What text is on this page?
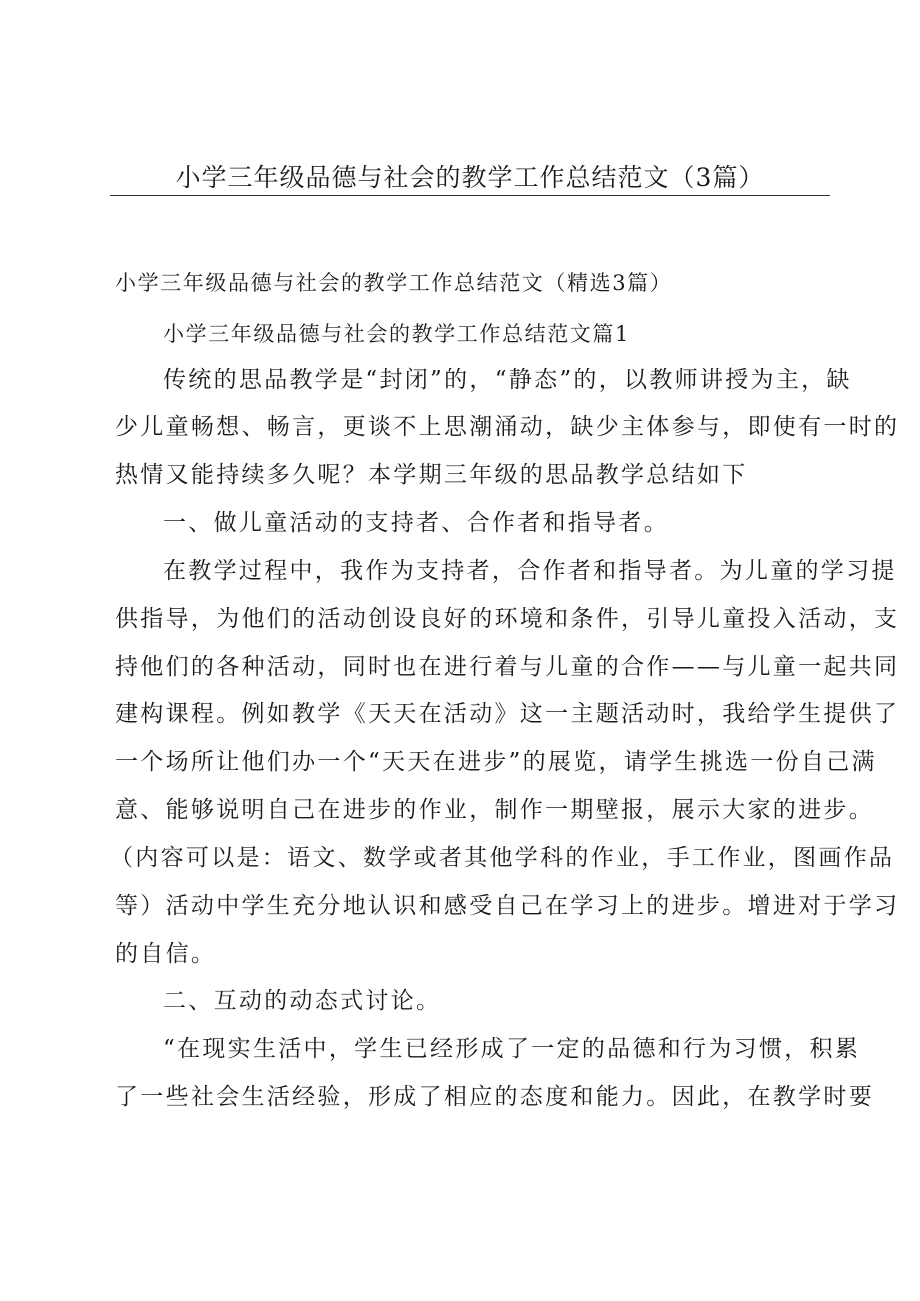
小学三年级品德与社会的教学工作总结范文（3篇）

小学三年级品德与社会的教学工作总结范文（精选3篇）

小学三年级品德与社会的教学工作总结范文篇1

传统的思品教学是“封闭”的，“静态”的，以教师讲授为主，缺

少儿童畅想、畅言，更谈不上思潮涌动，缺少主体参与，即使有一时的

热情又能持续多久呢？本学期三年级的思品教学总结如下

一、做儿童活动的支持者、合作者和指导者。

在教学过程中，我作为支持者，合作者和指导者。为儿童的学习提

供指导，为他们的活动创设良好的环境和条件，引导儿童投入活动，支

持他们的各种活动，同时也在进行着与儿童的合作——与儿童一起共同

建构课程。例如教学《天天在活动》这一主题活动时，我给学生提供了

一个场所让他们办一个“天天在进步”的展览，请学生挑选一份自己满

意、能够说明自己在进步的作业，制作一期壁报，展示大家的进步。

（内容可以是：语文、数学或者其他学科的作业，手工作业，图画作品

等）活动中学生充分地认识和感受自己在学习上的进步。增进对于学习

的自信。

二、互动的动态式讨论。

“在现实生活中，学生已经形成了一定的品德和行为习惯，积累

了一些社会生活经验，形成了相应的态度和能力。因此，在教学时要
